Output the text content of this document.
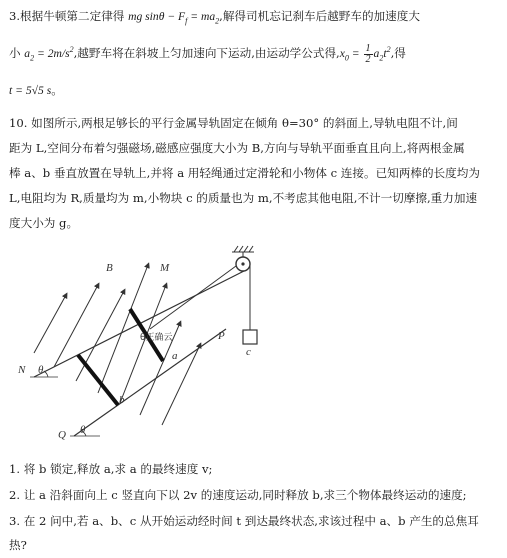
3.根据牛顿第二定律得 mg $\sin\theta - F_f = ma_2$,解得司机忘记刹车后越野车的加速度大
小 $a_2 = 2m/s^2$,越野车将在斜坡上匀加速向下运动,由运动学公式得$,x_0 = \frac{1}{2} a_2t^2$,得
t = 5√5 s。
10. 如图所示,两根足够长的平行金属导轨固定在倾角 θ=30° 的斜面上,导轨电阻不计,间
距为 L,空间分布着匀强磁场,磁感应强度大小为 B,方向与导轨平面垂直且向上,将两根金属
棒 a、b 垂直放置在导轨上,并将 a 用轻绳通过定滑轮和小物体 c 连接。已知两棒的长度均为
L,电阻均为 R,质量均为 m,小物块 c 的质量也为 m,不考虑其他电阻,不计一切摩擦,重力加速
度大小为 g。
c
B	M
P
N
Q
a
b
θ
θ
θ正确云
1. 将 b 锁定,释放 a,求 a 的最终速度 v;
2. 让 a 沿斜面向上 c 竖直向下以 2v 的速度运动,同时释放 b,求三个物体最终运动的速度;
3. 在 2 问中,若 a、b、c 从开始运动经时间 t 到达最终状态,求该过程中 a、b 产生的总焦耳
热?
